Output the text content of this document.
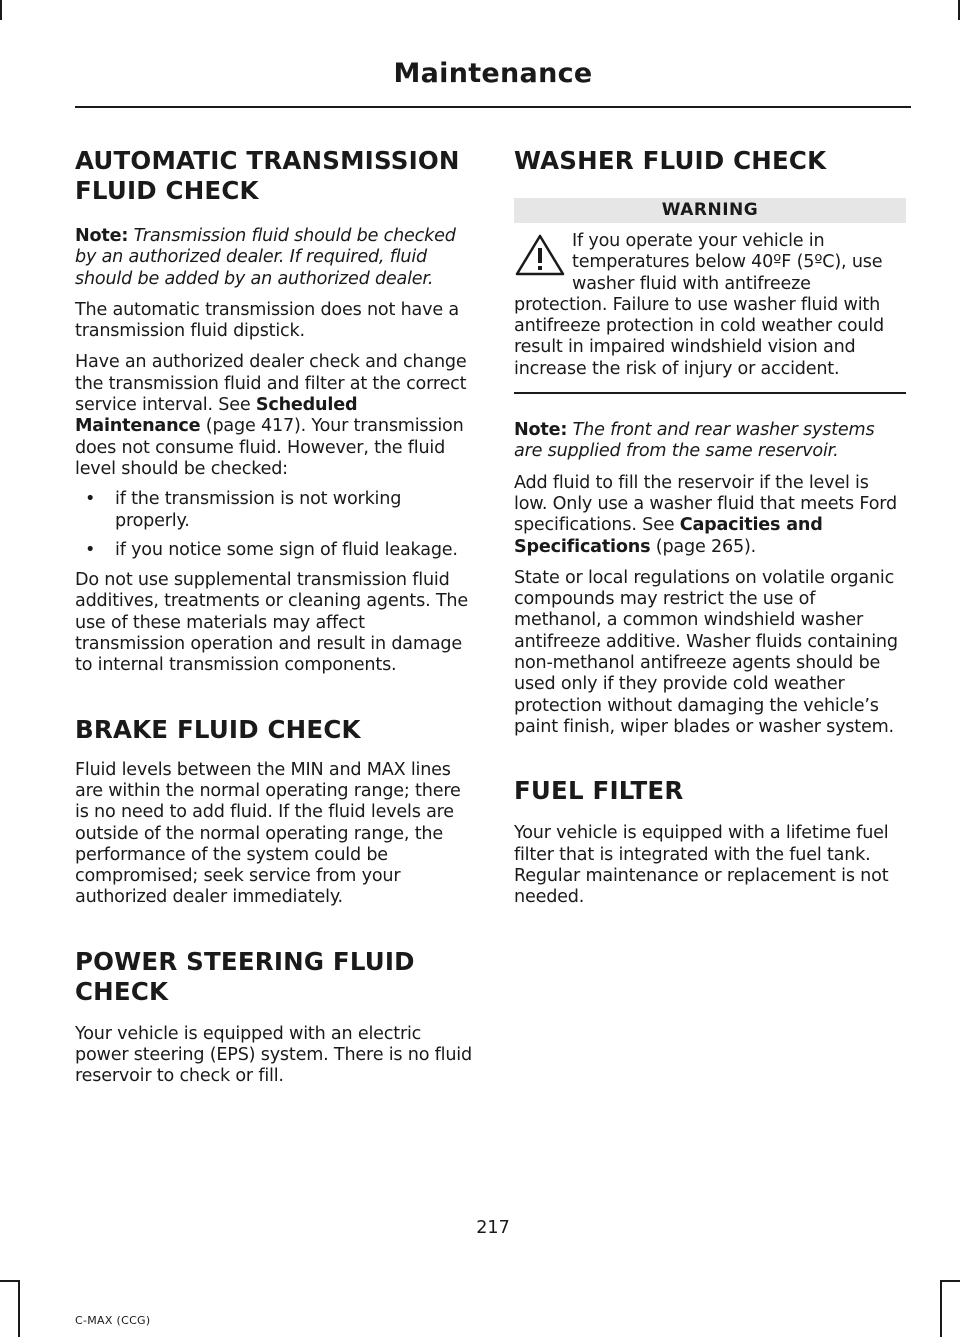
Maintenance
AUTOMATIC TRANSMISSION
FLUID CHECK

Note: Transmission fluid should be checked by an authorized dealer. If required, fluid should be added by an authorized dealer.

The automatic transmission does not have a transmission fluid dipstick.

Have an authorized dealer check and change the transmission fluid and filter at the correct service interval. See Scheduled Maintenance (page 417). Your transmission does not consume fluid. However, the fluid level should be checked:

• if the transmission is not working properly.
• if you notice some sign of fluid leakage.

Do not use supplemental transmission fluid additives, treatments or cleaning agents. The use of these materials may affect transmission operation and result in damage to internal transmission components.

BRAKE FLUID CHECK

Fluid levels between the MIN and MAX lines are within the normal operating range; there is no need to add fluid. If the fluid levels are outside of the normal operating range, the performance of the system could be compromised; seek service from your authorized dealer immediately.

POWER STEERING FLUID
CHECK

Your vehicle is equipped with an electric power steering (EPS) system. There is no fluid reservoir to check or fill.

WASHER FLUID CHECK
WARNING
If you operate your vehicle in temperatures below 40ºF (5ºC), use washer fluid with antifreeze protection. Failure to use washer fluid with antifreeze protection in cold weather could result in impaired windshield vision and increase the risk of injury or accident.

Note: The front and rear washer systems are supplied from the same reservoir.

Add fluid to fill the reservoir if the level is low. Only use a washer fluid that meets Ford specifications. See Capacities and Specifications (page 265).

State or local regulations on volatile organic compounds may restrict the use of methanol, a common windshield washer antifreeze additive. Washer fluids containing non-methanol antifreeze agents should be used only if they provide cold weather protection without damaging the vehicle’s paint finish, wiper blades or washer system.

FUEL FILTER

Your vehicle is equipped with a lifetime fuel filter that is integrated with the fuel tank. Regular maintenance or replacement is not needed.

217
C-MAX (CCG)
